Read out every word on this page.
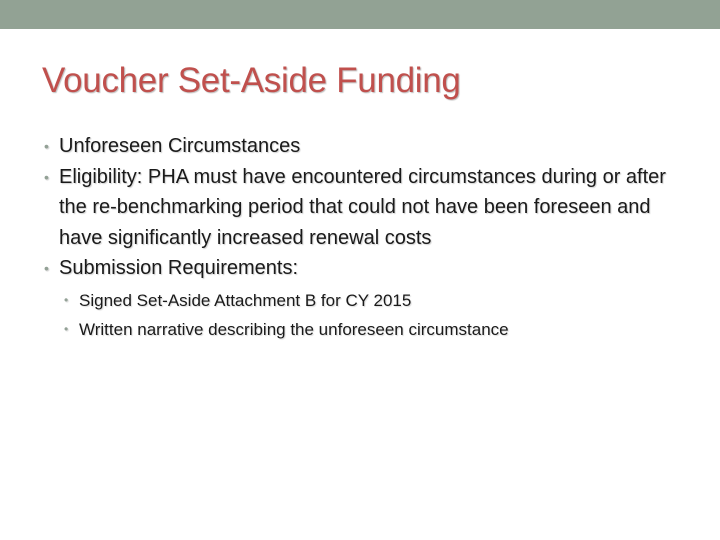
Voucher Set-Aside Funding
• Unforeseen Circumstances
• Eligibility: PHA must have encountered circumstances during or after the re-benchmarking period that could not have been foreseen and have significantly increased renewal costs
• Submission Requirements:
• Signed Set-Aside Attachment B for CY 2015
• Written narrative describing the unforeseen circumstance
